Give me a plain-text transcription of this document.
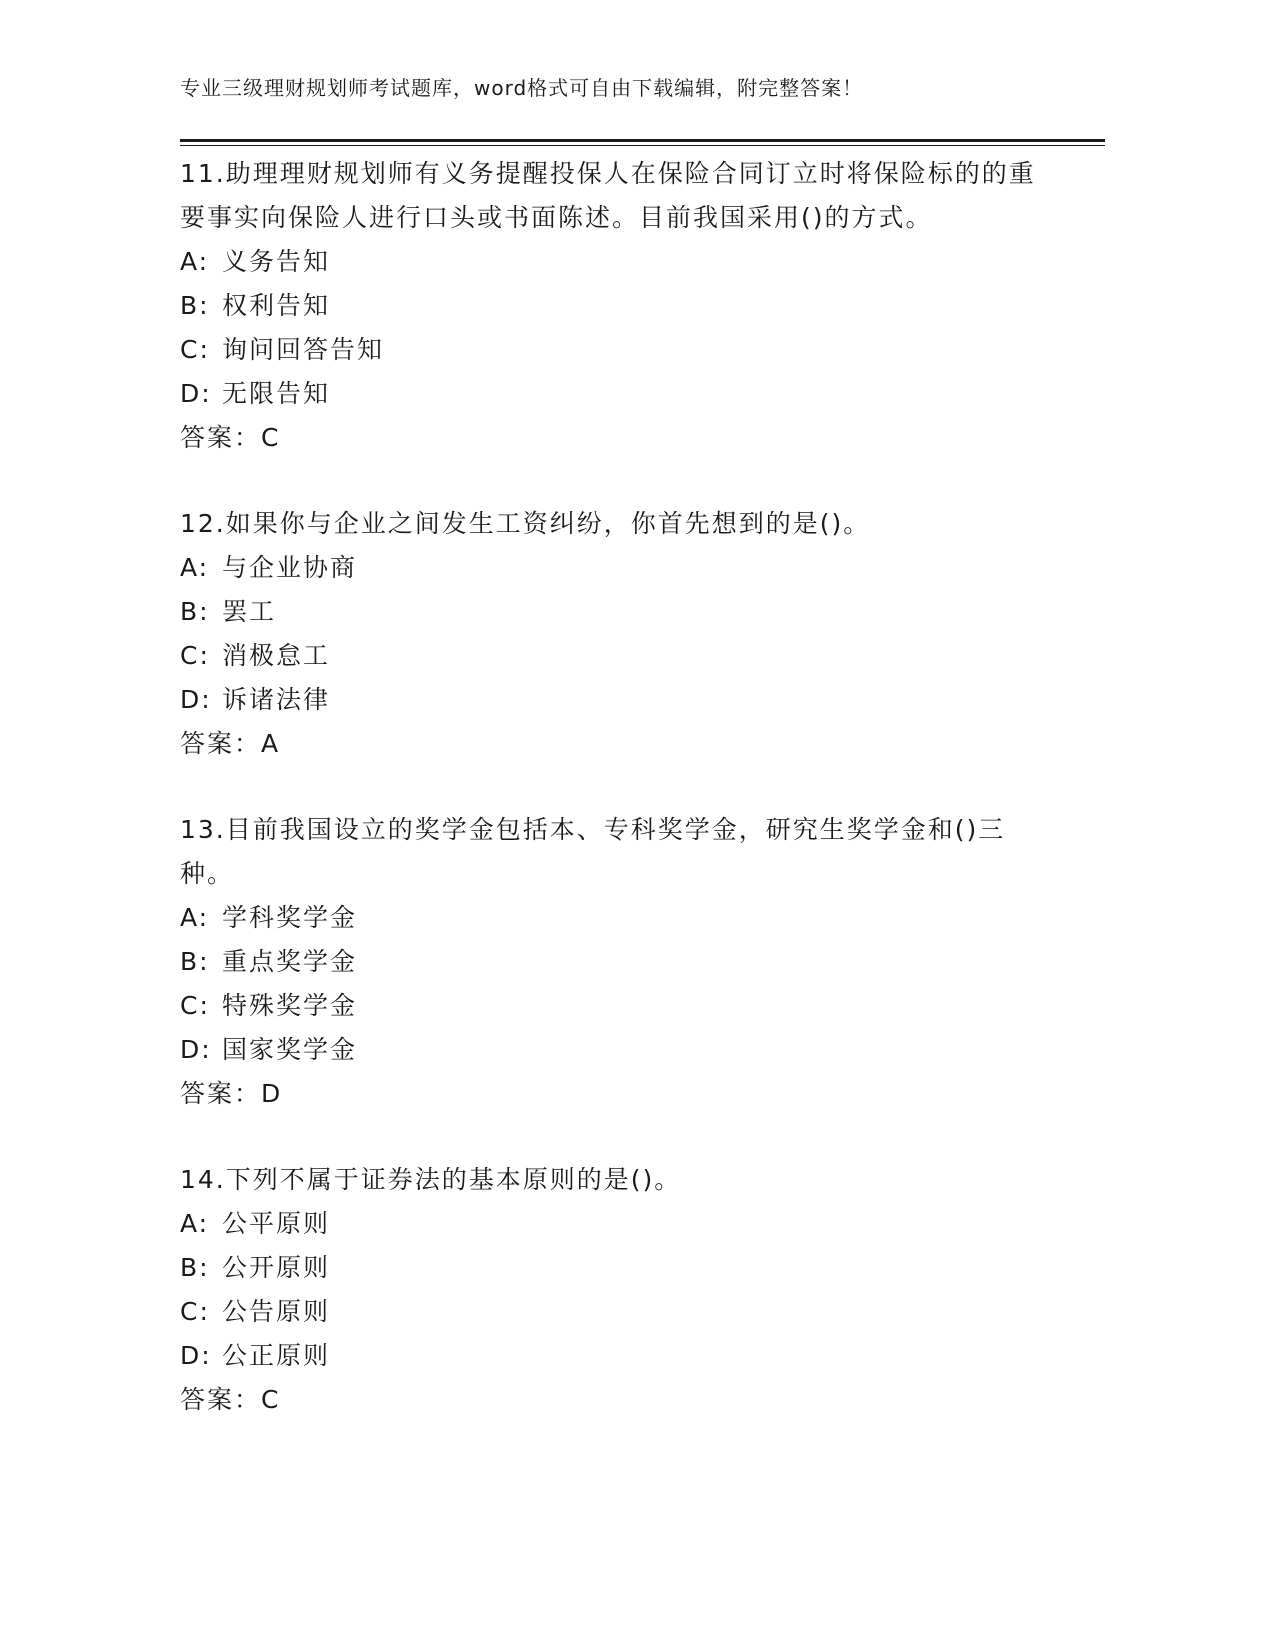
专业三级理财规划师考试题库，word格式可自由下载编辑，附完整答案！

11.助理理财规划师有义务提醒投保人在保险合同订立时将保险标的的重要事实向保险人进行口头或书面陈述。目前我国采用()的方式。

A: 义务告知

B: 权利告知

C: 询问回答告知

D: 无限告知

答案：C

12.如果你与企业之间发生工资纠纷，你首先想到的是()。

A: 与企业协商

B: 罢工

C: 消极怠工

D: 诉诸法律

答案：A

13.目前我国设立的奖学金包括本、专科奖学金，研究生奖学金和()三种。

A: 学科奖学金

B: 重点奖学金

C: 特殊奖学金

D: 国家奖学金

答案：D

14.下列不属于证券法的基本原则的是()。

A: 公平原则

B: 公开原则

C: 公告原则

D: 公正原则

答案：C
